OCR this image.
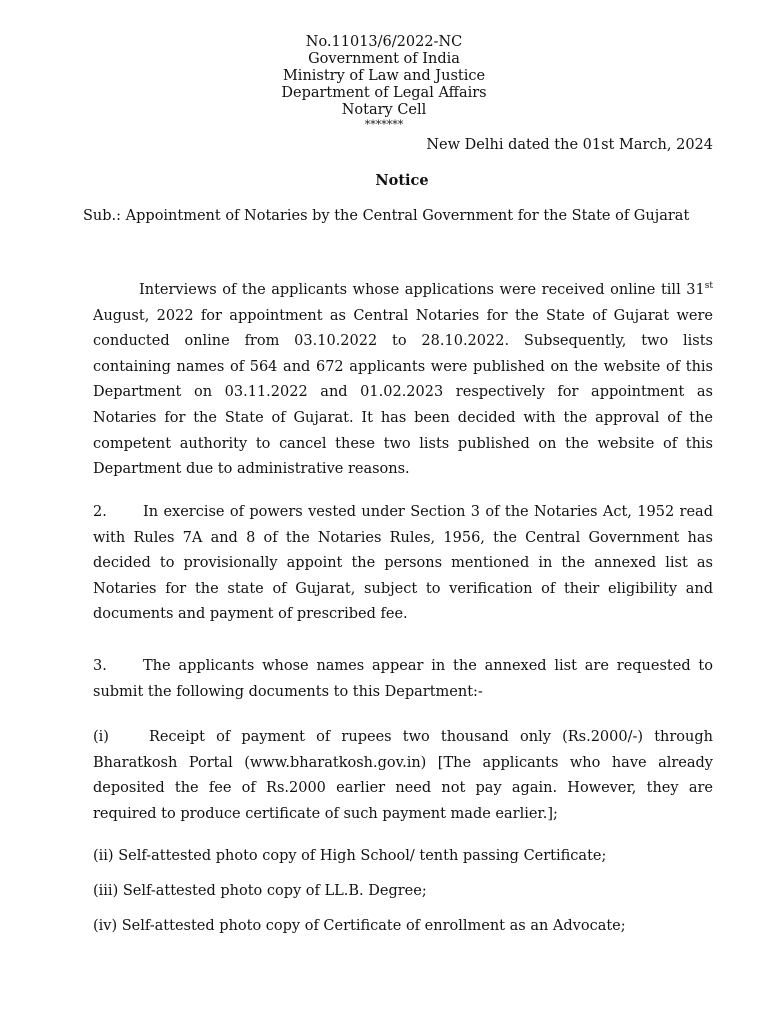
No.11013/6/2022-NC
Government of India
Ministry of Law and Justice
Department of Legal Affairs
Notary Cell
*******
New Delhi dated the 01st March, 2024
Notice
Sub.: Appointment of Notaries by the Central Government for the State of Gujarat

Interviews of the applicants whose applications were received online till 31st August, 2022 for appointment as Central Notaries for the State of Gujarat were conducted online from 03.10.2022 to 28.10.2022. Subsequently, two lists containing names of 564 and 672 applicants were published on the website of this Department on 03.11.2022 and 01.02.2023 respectively for appointment as Notaries for the State of Gujarat. It has been decided with the approval of the competent authority to cancel these two lists published on the website of this Department due to administrative reasons.

2. In exercise of powers vested under Section 3 of the Notaries Act, 1952 read with Rules 7A and 8 of the Notaries Rules, 1956, the Central Government has decided to provisionally appoint the persons mentioned in the annexed list as Notaries for the state of Gujarat, subject to verification of their eligibility and documents and payment of prescribed fee.

3. The applicants whose names appear in the annexed list are requested to submit the following documents to this Department:-

(i)	Receipt of payment of rupees two thousand only (Rs.2000/-) through Bharatkosh Portal (www.bharatkosh.gov.in) [The applicants who have already deposited the fee of Rs.2000 earlier need not pay again. However, they are required to produce certificate of such payment made earlier.];

(ii) Self-attested photo copy of High School/ tenth passing Certificate;

(iii) Self-attested photo copy of LL.B. Degree;

(iv) Self-attested photo copy of Certificate of enrollment as an Advocate;
